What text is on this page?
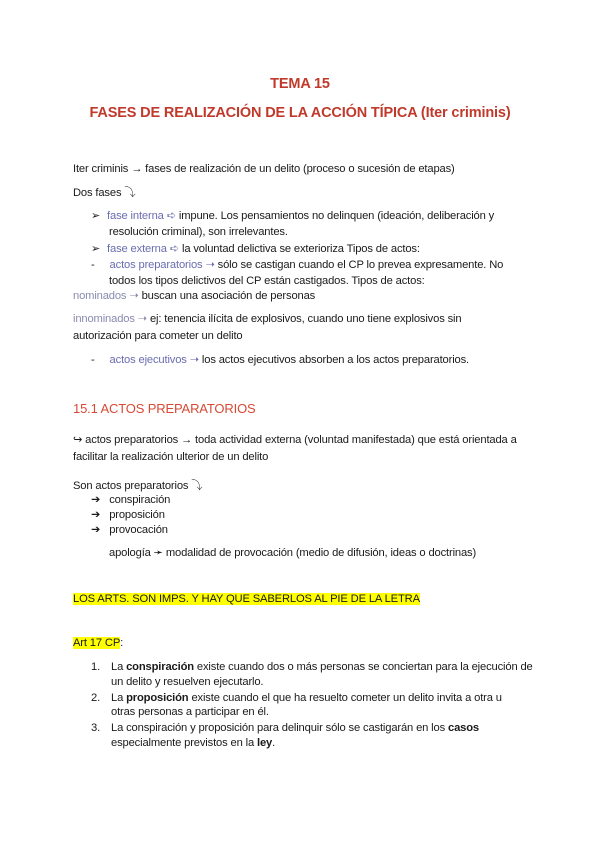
TEMA 15
FASES DE REALIZACIÓN DE LA ACCIÓN TÍPICA (Iter criminis)
Iter criminis → fases de realización de un delito (proceso o sucesión de etapas)
Dos fases ⤵
➢ fase interna ➪ impune. Los pensamientos no delinquen (ideación, deliberación y
resolución criminal), son irrelevantes.
➢ fase externa ➪ la voluntad delictiva se exterioriza Tipos de actos:
- actos preparatorios ➝ sólo se castigan cuando el CP lo prevea expresamente. No
todos los tipos delictivos del CP están castigados. Tipos de actos:
nominados ➝ buscan una asociación de personas
innominados ➝ ej: tenencia ilícita de explosivos, cuando uno tiene explosivos sin
autorización para cometer un delito
- actos ejecutivos ➝ los actos ejecutivos absorben a los actos preparatorios.
15.1 ACTOS PREPARATORIOS
↪ actos preparatorios → toda actividad externa (voluntad manifestada) que está orientada a
facilitar la realización ulterior de un delito
Son actos preparatorios ⤵
➔ conspiración
➔ proposición
➔ provocación
apología ➛ modalidad de provocación (medio de difusión, ideas o doctrinas)
LOS ARTS. SON IMPS. Y HAY QUE SABERLOS AL PIE DE LA LETRA
Art 17 CP:
1. La conspiración existe cuando dos o más personas se conciertan para la ejecución de
un delito y resuelven ejecutarlo.
2. La proposición existe cuando el que ha resuelto cometer un delito invita a otra u
otras personas a participar en él.
3. La conspiración y proposición para delinquir sólo se castigarán en los casos
especialmente previstos en la ley.
